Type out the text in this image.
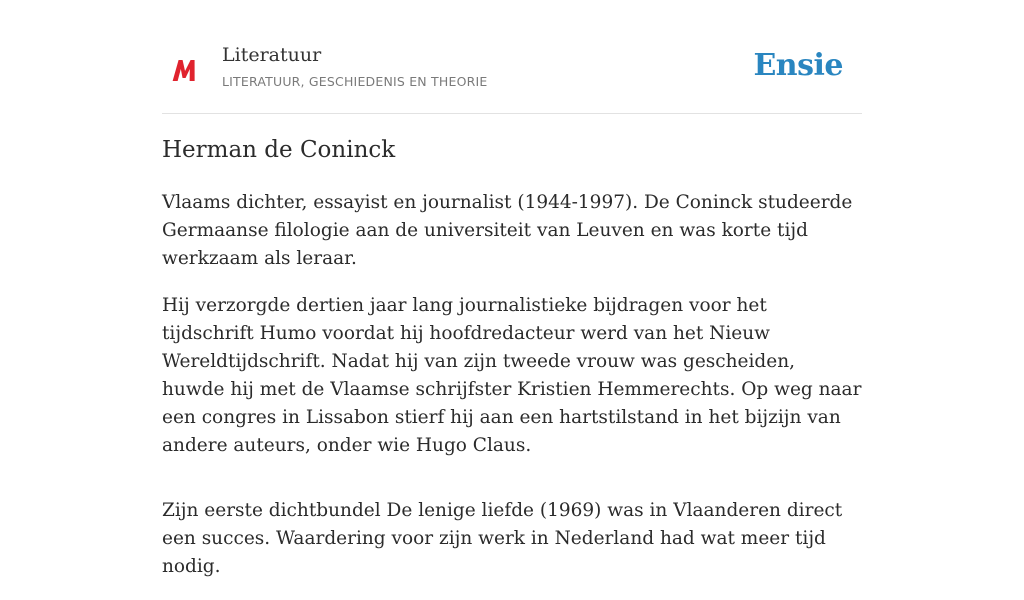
Literatuur
LITERATUUR, GESCHIEDENIS EN THEORIE	Ensie
Herman de Coninck

Vlaams dichter, essayist en journalist (1944-1997). De Coninck studeerde Germaanse filologie aan de universiteit van Leuven en was korte tijd werkzaam als leraar.

Hij verzorgde dertien jaar lang journalistieke bijdragen voor het tijdschrift Humo voordat hij hoofdredacteur werd van het Nieuw Wereldtijdschrift. Nadat hij van zijn tweede vrouw was gescheiden, huwde hij met de Vlaamse schrijfster Kristien Hemmerechts. Op weg naar een congres in Lissabon stierf hij aan een hartstilstand in het bijzijn van andere auteurs, onder wie Hugo Claus.

Zijn eerste dichtbundel De lenige liefde (1969) was in Vlaanderen direct een succes. Waardering voor zijn werk in Nederland had wat meer tijd nodig.
